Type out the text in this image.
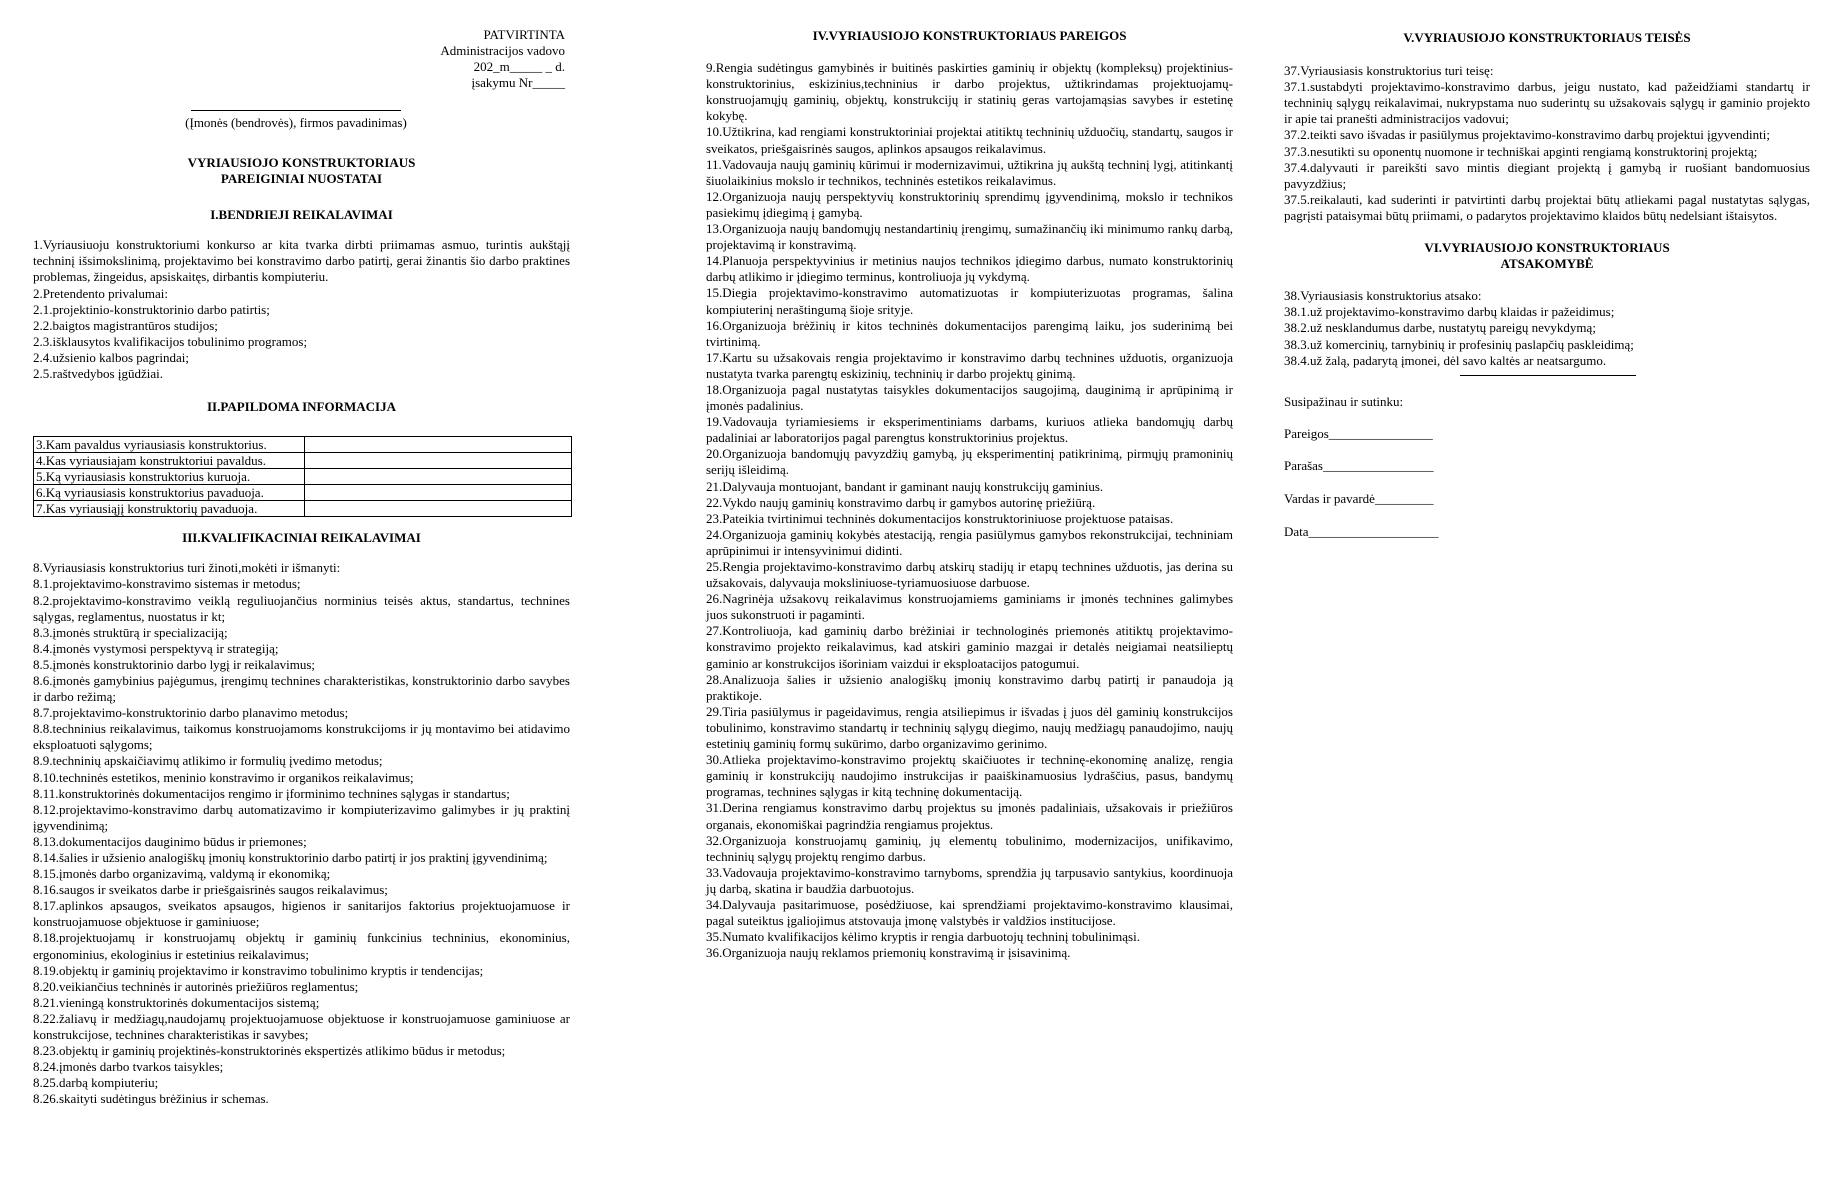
PATVIRTINTA

Administracijos vadovo

202_m_____ _ d.

įsakymu Nr_____

(Įmonės (bendrovės), firmos pavadinimas)

VYRIAUSIOJO KONSTRUKTORIAUS

PAREIGINIAI NUOSTATAI

I.BENDRIEJI REIKALAVIMAI

1.Vyriausiuoju konstruktoriumi konkurso ar kita tvarka dirbti priimamas asmuo, turintis aukštąjį techninį išsimokslinimą, projektavimo bei konstravimo darbo patirtį, gerai žinantis šio darbo praktines problemas, žingeidus, apsiskaitęs, dirbantis kompiuteriu.

2.Pretendento privalumai:

2.1.projektinio-konstruktorinio darbo patirtis;

2.2.baigtos magistrantūros studijos;

2.3.išklausytos kvalifikacijos tobulinimo programos;

2.4.užsienio kalbos pagrindai;

2.5.raštvedybos įgūdžiai.

II.PAPILDOMA INFORMACIJA

3.Kam pavaldus vyriausiasis konstruktorius.	
4.Kas vyriausiajam konstruktoriui pavaldus.	
5.Ką vyriausiasis konstruktorius kuruoja.	
6.Ką vyriausiasis konstruktorius pavaduoja.	
7.Kas vyriausiąjį konstruktorių pavaduoja.	

III.KVALIFIKACINIAI REIKALAVIMAI

8.Vyriausiasis konstruktorius turi žinoti,mokėti ir išmanyti:

8.1.projektavimo-konstravimo sistemas ir metodus;

8.2.projektavimo-konstravimo veiklą reguliuojančius norminius teisės aktus, standartus, technines sąlygas, reglamentus, nuostatus ir kt;

8.3.įmonės struktūrą ir specializaciją;

8.4.įmonės vystymosi perspektyvą ir strategiją;

8.5.įmonės konstruktorinio darbo lygį ir reikalavimus;

8.6.įmonės gamybinius pajėgumus, įrengimų technines charakteristikas, konstruktorinio darbo savybes ir darbo režimą;

8.7.projektavimo-konstruktorinio darbo planavimo metodus;

8.8.techninius reikalavimus, taikomus konstruojamoms konstrukcijoms ir jų montavimo bei atidavimo eksploatuoti sąlygoms;

8.9.techninių apskaičiavimų atlikimo ir formulių įvedimo metodus;

8.10.techninės estetikos, meninio konstravimo ir organikos reikalavimus;

8.11.konstruktorinės dokumentacijos rengimo ir įforminimo technines sąlygas ir standartus;

8.12.projektavimo-konstravimo darbų automatizavimo ir kompiuterizavimo galimybes ir jų praktinį įgyvendinimą;

8.13.dokumentacijos dauginimo būdus ir priemones;

8.14.šalies ir užsienio analogiškų įmonių konstruktorinio darbo patirtį ir jos praktinį įgyvendinimą;

8.15.įmonės darbo organizavimą, valdymą ir ekonomiką;

8.16.saugos ir sveikatos darbe ir priešgaisrinės saugos reikalavimus;

8.17.aplinkos apsaugos, sveikatos apsaugos, higienos ir sanitarijos faktorius projektuojamuose ir konstruojamuose objektuose ir gaminiuose;

8.18.projektuojamų ir konstruojamų objektų ir gaminių funkcinius techninius, ekonominius, ergonominius, ekologinius ir estetinius reikalavimus;

8.19.objektų ir gaminių projektavimo ir konstravimo tobulinimo kryptis ir tendencijas;

8.20.veikiančius techninės ir autorinės priežiūros reglamentus;

8.21.vieningą konstruktorinės dokumentacijos sistemą;

8.22.žaliavų ir medžiagų,naudojamų projektuojamuose objektuose ir konstruojamuose gaminiuose ar konstrukcijose, technines charakteristikas ir savybes;

8.23.objektų ir gaminių projektinės-konstruktorinės ekspertizės atlikimo būdus ir metodus;

8.24.įmonės darbo tvarkos taisykles;

8.25.darbą kompiuteriu;

8.26.skaityti sudėtingus brėžinius ir schemas.

IV.VYRIAUSIOJO KONSTRUKTORIAUS PAREIGOS

9.Rengia sudėtingus gamybinės ir buitinės paskirties gaminių ir objektų (kompleksų) projektinius-konstruktorinius, eskizinius,techninius ir darbo projektus, užtikrindamas projektuojamų-konstruojamųjų gaminių, objektų, konstrukcijų ir statinių geras vartojamąsias savybes ir estetinę kokybę.

10.Užtikrina, kad rengiami konstruktoriniai projektai atitiktų techninių užduočių, standartų, saugos ir sveikatos, priešgaisrinės saugos, aplinkos apsaugos reikalavimus.

11.Vadovauja naujų gaminių kūrimui ir modernizavimui, užtikrina jų aukštą techninį lygį, atitinkantį šiuolaikinius mokslo ir technikos, techninės estetikos reikalavimus.

12.Organizuoja naujų perspektyvių konstruktorinių sprendimų įgyvendinimą, mokslo ir technikos pasiekimų įdiegimą į gamybą.

13.Organizuoja naujų bandomųjų nestandartinių įrengimų, sumažinančių iki minimumo rankų darbą, projektavimą ir konstravimą.

14.Planuoja perspektyvinius ir metinius naujos technikos įdiegimo darbus, numato konstruktorinių darbų atlikimo ir įdiegimo terminus, kontroliuoja jų vykdymą.

15.Diegia projektavimo-konstravimo automatizuotas ir kompiuterizuotas programas, šalina kompiuterinį neraštingumą šioje srityje.

16.Organizuoja brėžinių ir kitos techninės dokumentacijos parengimą laiku, jos suderinimą bei tvirtinimą.

17.Kartu su užsakovais rengia projektavimo ir konstravimo darbų technines užduotis, organizuoja nustatyta tvarka parengtų eskizinių, techninių ir darbo projektų ginimą.

18.Organizuoja pagal nustatytas taisykles dokumentacijos saugojimą, dauginimą ir aprūpinimą ir įmonės padalinius.

19.Vadovauja tyriamiesiems ir eksperimentiniams darbams, kuriuos atlieka bandomųjų darbų padaliniai ar laboratorijos pagal parengtus konstruktorinius projektus.

20.Organizuoja bandomųjų pavyzdžių gamybą, jų eksperimentinį patikrinimą, pirmųjų pramoninių serijų išleidimą.

21.Dalyvauja montuojant, bandant ir gaminant naujų konstrukcijų gaminius.

22.Vykdo naujų gaminių konstravimo darbų ir gamybos autorinę priežiūrą.

23.Pateikia tvirtinimui techninės dokumentacijos konstruktoriniuose projektuose pataisas.

24.Organizuoja gaminių kokybės atestaciją, rengia pasiūlymus gamybos rekonstrukcijai, techniniam aprūpinimui ir intensyvinimui didinti.

25.Rengia projektavimo-konstravimo darbų atskirų stadijų ir etapų technines užduotis, jas derina su užsakovais, dalyvauja moksliniuose-tyriamuosiuose darbuose.

26.Nagrinėja užsakovų reikalavimus konstruojamiems gaminiams ir įmonės technines galimybes juos sukonstruoti ir pagaminti.

27.Kontroliuoja, kad gaminių darbo brėžiniai ir technologinės priemonės atitiktų projektavimo-konstravimo projekto reikalavimus, kad atskiri gaminio mazgai ir detalės neigiamai neatsilieptų gaminio ar konstrukcijos išoriniam vaizdui ir eksploatacijos patogumui.

28.Analizuoja šalies ir užsienio analogiškų įmonių konstravimo darbų patirtį ir panaudoja ją praktikoje.

29.Tiria pasiūlymus ir pageidavimus, rengia atsiliepimus ir išvadas į juos dėl gaminių konstrukcijos tobulinimo, konstravimo standartų ir techninių sąlygų diegimo, naujų medžiagų panaudojimo, naujų estetinių gaminių formų sukūrimo, darbo organizavimo gerinimo.

30.Atlieka projektavimo-konstravimo projektų skaičiuotes ir techninę-ekonominę analizę, rengia gaminių ir konstrukcijų naudojimo instrukcijas ir paaiškinamuosius lydraščius, pasus, bandymų programas, technines sąlygas ir kitą techninę dokumentaciją.

31.Derina rengiamus konstravimo darbų projektus su įmonės padaliniais, užsakovais ir priežiūros organais, ekonomiškai pagrindžia rengiamus projektus.

32.Organizuoja konstruojamų gaminių, jų elementų tobulinimo, modernizacijos, unifikavimo, techninių sąlygų projektų rengimo darbus.

33.Vadovauja projektavimo-konstravimo tarnyboms, sprendžia jų tarpusavio santykius, koordinuoja jų darbą, skatina ir baudžia darbuotojus.

34.Dalyvauja pasitarimuose, posėdžiuose, kai sprendžiami projektavimo-konstravimo klausimai, pagal suteiktus įgaliojimus atstovauja įmonę valstybės ir valdžios institucijose.

35.Numato kvalifikacijos kėlimo kryptis ir rengia darbuotojų techninį tobulinimąsi.

36.Organizuoja naujų reklamos priemonių konstravimą ir įsisavinimą.

V.VYRIAUSIOJO KONSTRUKTORIAUS TEISĖS

37.Vyriausiasis konstruktorius turi teisę:

37.1.sustabdyti projektavimo-konstravimo darbus, jeigu nustato, kad pažeidžiami standartų ir techninių sąlygų reikalavimai, nukrypstama nuo suderintų su užsakovais sąlygų ir gaminio projekto ir apie tai pranešti administracijos vadovui;

37.2.teikti savo išvadas ir pasiūlymus projektavimo-konstravimo darbų projektui įgyvendinti;

37.3.nesutikti su oponentų nuomone ir techniškai apginti rengiamą konstruktorinį projektą;

37.4.dalyvauti ir pareikšti savo mintis diegiant projektą į gamybą ir ruošiant bandomuosius pavyzdžius;

37.5.reikalauti, kad suderinti ir patvirtinti darbų projektai būtų atliekami pagal nustatytas sąlygas, pagrįsti pataisymai būtų priimami, o padarytos projektavimo klaidos būtų nedelsiant ištaisytos.

VI.VYRIAUSIOJO KONSTRUKTORIAUS

ATSAKOMYBĖ

38.Vyriausiasis konstruktorius atsako:

38.1.už projektavimo-konstravimo darbų klaidas ir pažeidimus;

38.2.už nesklandumus darbe, nustatytų pareigų nevykdymą;

38.3.už komercinių, tarnybinių ir profesinių paslapčių paskleidimą;

38.4.už žalą, padarytą įmonei, dėl savo kaltės ar neatsargumo.

Susipažinau ir sutinku:

Pareigos________________

Parašas_________________

Vardas ir pavardė_________

Data____________________
